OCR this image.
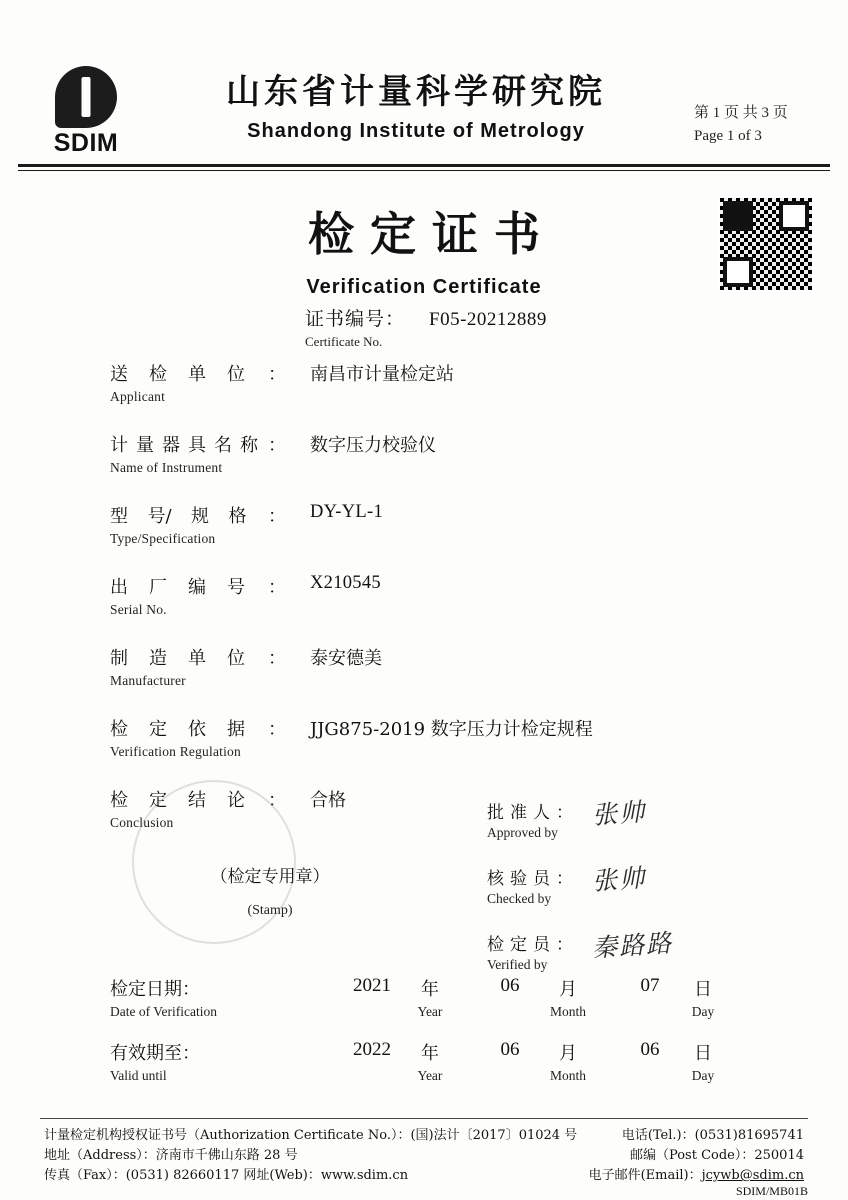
SDIM
山东省计量科学研究院
Shandong Institute of Metrology
第 1 页 共 3 页
Page 1 of 3
检定证书
Verification Certificate
证书编号： F05-20212889
Certificate No.
送 检 单 位 ：
Applicant
南昌市计量检定站
计 量 器 具 名 称 ：
Name of Instrument
数字压力校验仪
型 号/ 规 格 ：
Type/Specification
DY-YL-1
出 厂 编 号 ：
Serial No.
X210545
制 造 单 位 ：
Manufacturer
泰安德美
检 定 依 据 ：
Verification Regulation
JJG875-2019 数字压力计检定规程
检 定 结 论 ：
Conclusion
合格
（检定专用章）
(Stamp)
批 准 人 ：
Approved by
张帅
核 验 员 ：
Checked by
张帅
检 定 员 ：
Verified by
秦路路
检定日期：
Date of Verification
2021	年
Year
06	月
Month
07	日
Day
有效期至：
Valid until
2022	年
Year
06	月
Month
06	日
Day
计量检定机构授权证书号（Authorization Certificate No.）：(国)法计〔2017〕01024 号	电话(Tel.)：(0531)81695741
地址（Address）：济南市千佛山东路 28 号	邮编（Post Code）：250014
传真（Fax）：(0531) 82660117 网址(Web)：www.sdim.cn	电子邮件(Email)：jcywb@sdim.cn
SDIM/MB01B
